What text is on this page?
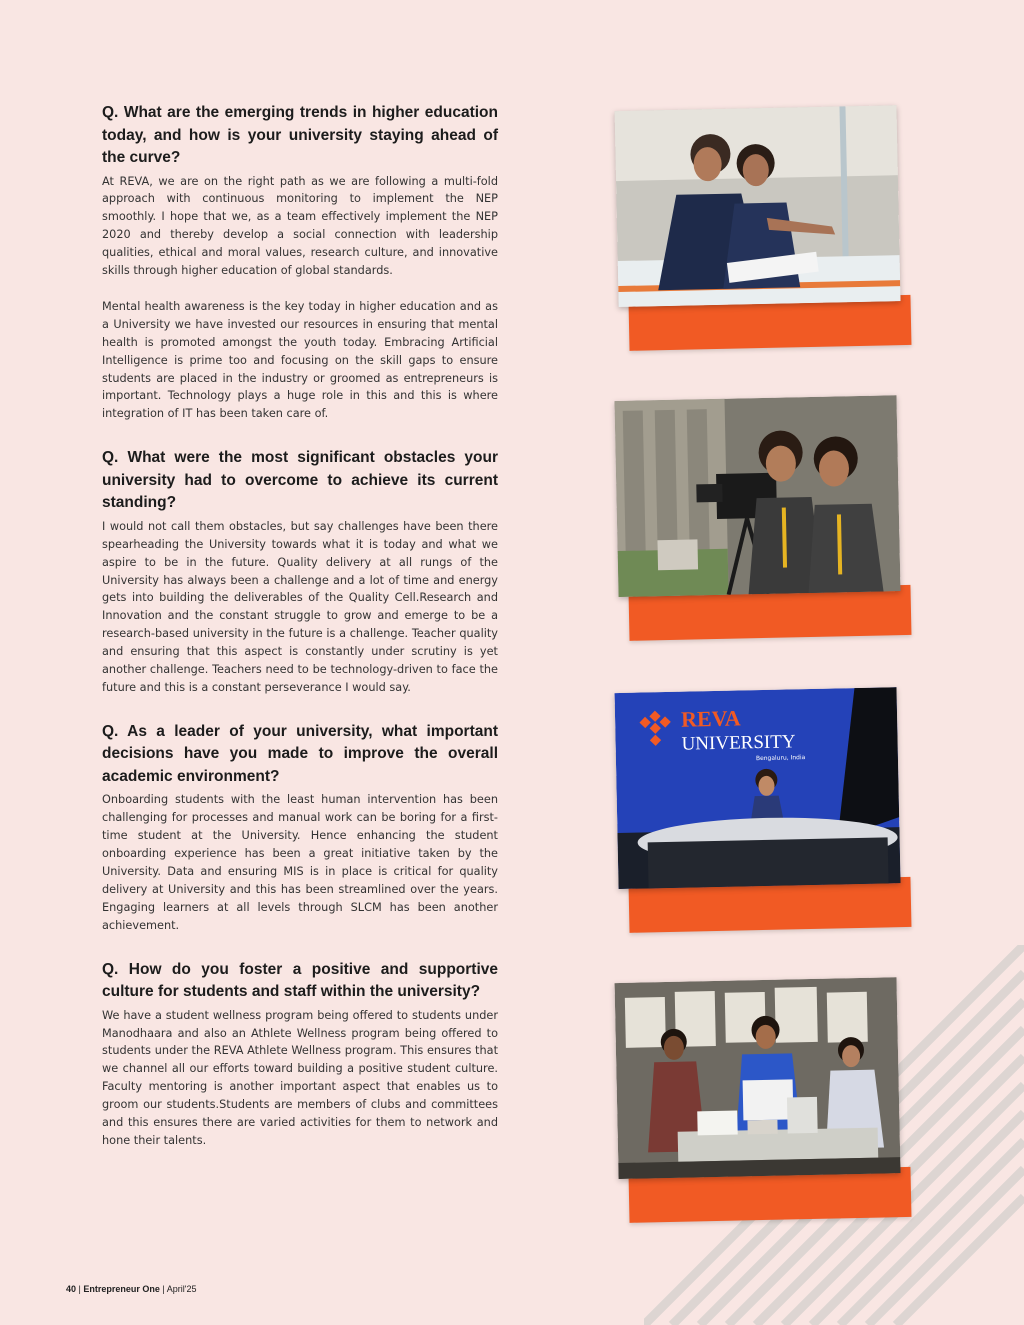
Q. What are the emerging trends in higher education today, and how is your university staying ahead of the curve?

At REVA, we are on the right path as we are following a multi-fold approach with continuous monitoring to implement the NEP smoothly. I hope that we, as a team effectively implement the NEP 2020 and thereby develop a social connection with leadership qualities, ethical and moral values, research culture, and innovative skills through higher education of global standards.

Mental health awareness is the key today in higher education and as a University we have invested our resources in ensuring that mental health is promoted amongst the youth today. Embracing Artificial Intelligence is prime too and focusing on the skill gaps to ensure students are placed in the industry or groomed as entrepreneurs is important. Technology plays a huge role in this and this is where integration of IT has been taken care of.

Q. What were the most significant obstacles your university had to overcome to achieve its current standing?

I would not call them obstacles, but say challenges have been there spearheading the University towards what it is today and what we aspire to be in the future. Quality delivery at all rungs of the University has always been a challenge and a lot of time and energy gets into building the deliverables of the Quality Cell.Research and Innovation and the constant struggle to grow and emerge to be a research-based university in the future is a challenge. Teacher quality and ensuring that this aspect is constantly under scrutiny is yet another challenge. Teachers need to be technology-driven to face the future and this is a constant perseverance I would say.

Q. As a leader of your university, what important decisions have you made to improve the overall academic environment?

Onboarding students with the least human intervention has been challenging for processes and manual work can be boring for a first-time student at the University. Hence enhancing the student onboarding experience has been a great initiative taken by the University. Data and ensuring MIS is in place is critical for quality delivery at University and this has been streamlined over the years. Engaging learners at all levels through SLCM has been another achievement.

Q. How do you foster a positive and supportive culture for students and staff within the university?

We have a student wellness program being offered to students under Manodhaara and also an Athlete Wellness program being offered to students under the REVA Athlete Wellness program. This ensures that we channel all our efforts toward building a positive student culture. Faculty mentoring is another important aspect that enables us to groom our students.Students are members of clubs and committees and this ensures there are varied activities for them to network and hone their talents.

REVA
UNIVERSITY
Bengaluru, India
40 | Entrepreneur One | April'25
